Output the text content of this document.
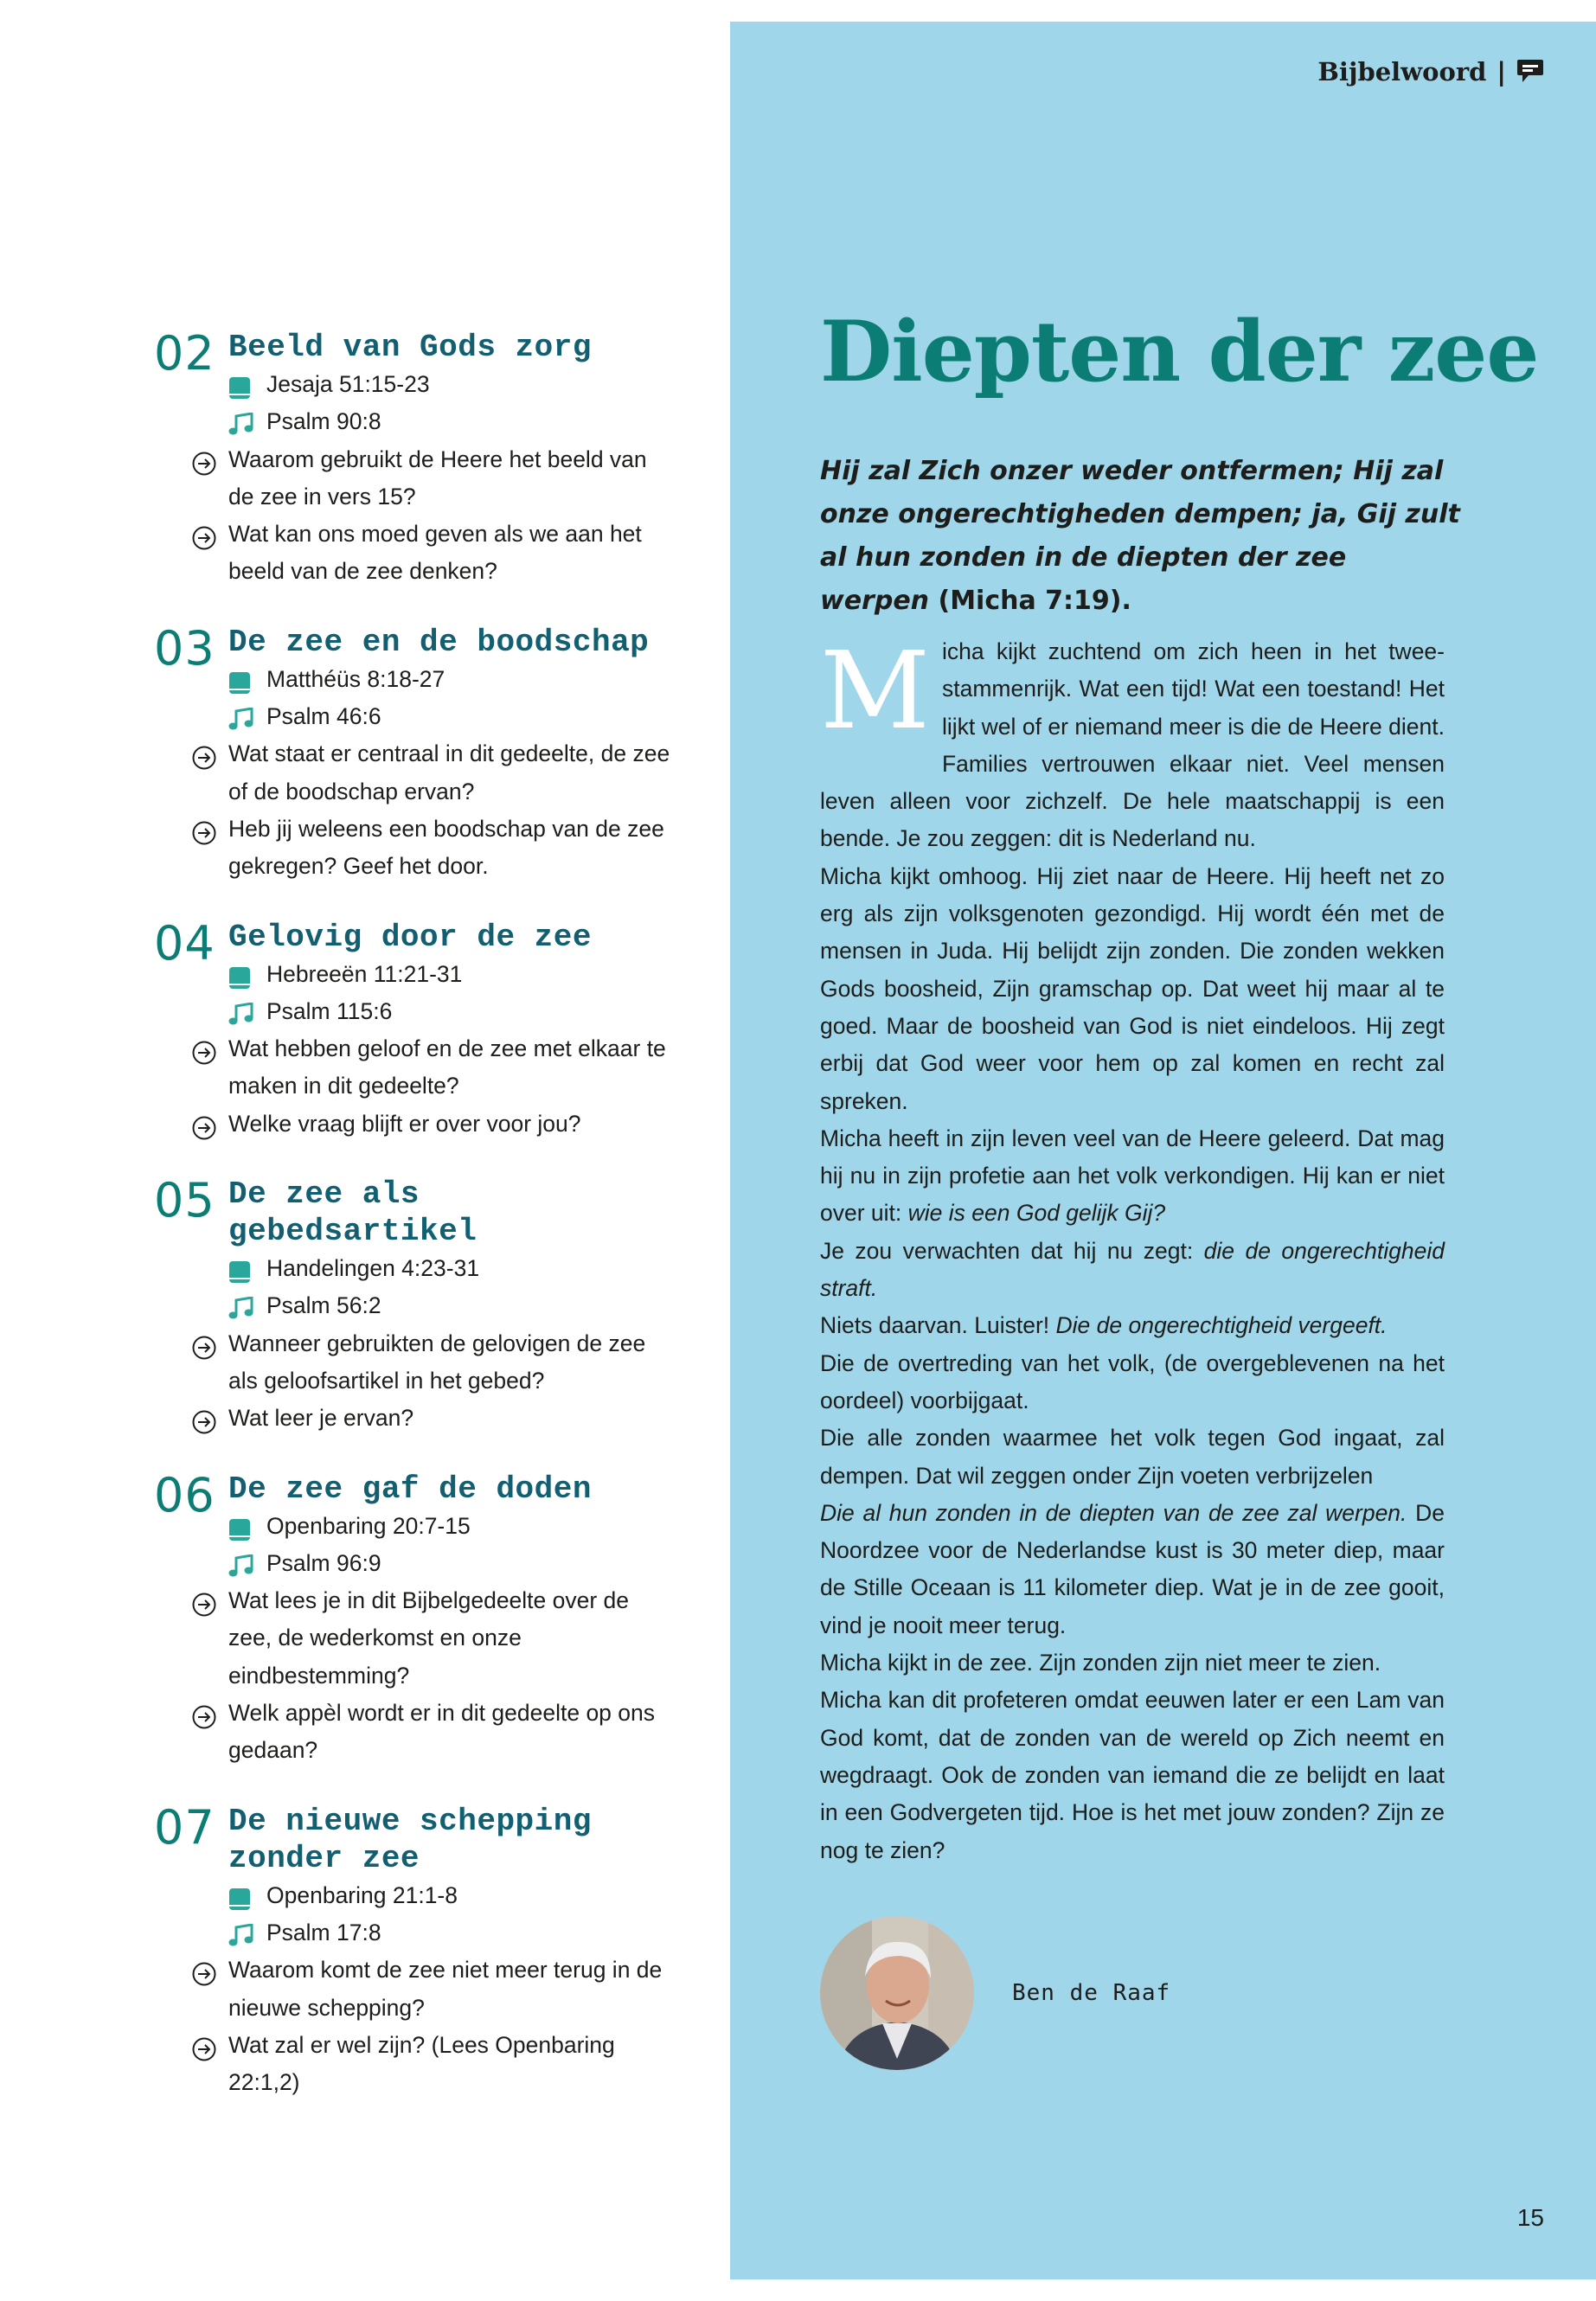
Bijbelwoord |
Diepten der zee

Hij zal Zich onzer weder ontfermen; Hij zal onze ongerechtigheden dempen; ja, Gij zult al hun zonden in de diepten der zee werpen (Micha 7:19).

Micha kijkt zuchtend om zich heen in het twee-stammenrijk. Wat een tijd! Wat een toestand! Het lijkt wel of er niemand meer is die de Heere dient. Families vertrouwen elkaar niet. Veel mensen leven alleen voor zichzelf. De hele maatschappij is een bende. Je zou zeggen: dit is Nederland nu.

Micha kijkt omhoog. Hij ziet naar de Heere. Hij heeft net zo erg als zijn volksgenoten gezondigd. Hij wordt één met de mensen in Juda. Hij belijdt zijn zonden. Die zonden wekken Gods boosheid, Zijn gramschap op. Dat weet hij maar al te goed. Maar de boosheid van God is niet eindeloos. Hij zegt erbij dat God weer voor hem op zal komen en recht zal spreken.

Micha heeft in zijn leven veel van de Heere geleerd. Dat mag hij nu in zijn profetie aan het volk verkondigen. Hij kan er niet over uit: wie is een God gelijk Gij?

Je zou verwachten dat hij nu zegt: die de ongerechtigheid straft.

Niets daarvan. Luister! Die de ongerechtigheid vergeeft.

Die de overtreding van het volk, (de overgeblevenen na het oordeel) voorbijgaat.

Die alle zonden waarmee het volk tegen God ingaat, zal dempen. Dat wil zeggen onder Zijn voeten verbrijzelen

Die al hun zonden in de diepten van de zee zal werpen. De Noordzee voor de Nederlandse kust is 30 meter diep, maar de Stille Oceaan is 11 kilometer diep. Wat je in de zee gooit, vind je nooit meer terug.

Micha kijkt in de zee. Zijn zonden zijn niet meer te zien.

Micha kan dit profeteren omdat eeuwen later er een Lam van God komt, dat de zonden van de wereld op Zich neemt en wegdraagt. Ook de zonden van iemand die ze belijdt en laat in een Godvergeten tijd. Hoe is het met jouw zonden? Zijn ze nog te zien?

Ben de Raaf
15
02 Beeld van Gods zorg
Jesaja 51:15-23
Psalm 90:8
Waarom gebruikt de Heere het beeld van de zee in vers 15?
Wat kan ons moed geven als we aan het beeld van de zee denken?
03 De zee en de boodschap
Matthéüs 8:18-27
Psalm 46:6
Wat staat er centraal in dit gedeelte, de zee of de boodschap ervan?
Heb jij weleens een boodschap van de zee gekregen? Geef het door.
04 Gelovig door de zee
Hebreeën 11:21-31
Psalm 115:6
Wat hebben geloof en de zee met elkaar te maken in dit gedeelte?
Welke vraag blijft er over voor jou?
05 De zee als gebedsartikel
Handelingen 4:23-31
Psalm 56:2
Wanneer gebruikten de gelovigen de zee als geloofsartikel in het gebed?
Wat leer je ervan?
06 De zee gaf de doden
Openbaring 20:7-15
Psalm 96:9
Wat lees je in dit Bijbelgedeelte over de zee, de wederkomst en onze eindbestemming?
Welk appèl wordt er in dit gedeelte op ons gedaan?
07 De nieuwe schepping zonder zee
Openbaring 21:1-8
Psalm 17:8
Waarom komt de zee niet meer terug in de nieuwe schepping?
Wat zal er wel zijn? (Lees Openbaring 22:1,2)
